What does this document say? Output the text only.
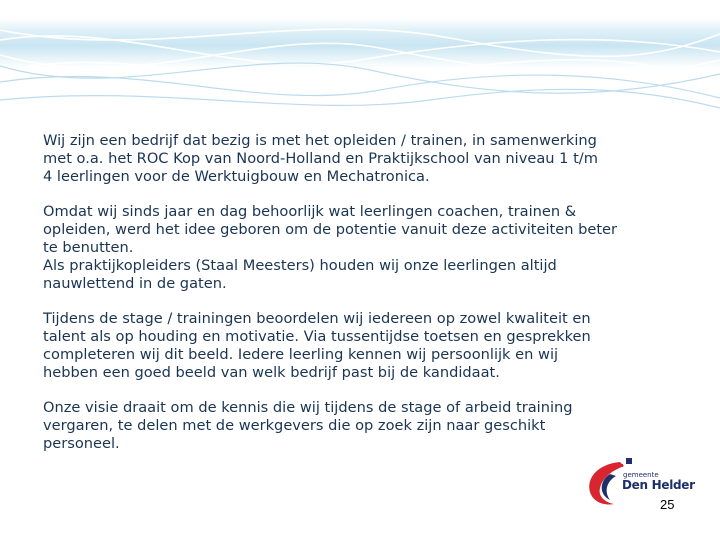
Wij zijn een bedrijf dat bezig is met het opleiden / trainen, in samenwerking
met o.a. het ROC Kop van Noord-Holland en Praktijkschool van niveau 1 t/m
4 leerlingen voor de Werktuigbouw en Mechatronica.

Omdat wij sinds jaar en dag behoorlijk wat leerlingen coachen, trainen &
opleiden, werd het idee geboren om de potentie vanuit deze activiteiten beter
te benutten.
Als praktijkopleiders (Staal Meesters) houden wij onze leerlingen altijd
nauwlettend in de gaten.

Tijdens de stage / trainingen beoordelen wij iedereen op zowel kwaliteit en
talent als op houding en motivatie. Via tussentijdse toetsen en gesprekken
completeren wij dit beeld. Iedere leerling kennen wij persoonlijk en wij
hebben een goed beeld van welk bedrijf past bij de kandidaat.

Onze visie draait om de kennis die wij tijdens de stage of arbeid training
vergaren, te delen met de werkgevers die op zoek zijn naar geschikt
personeel.

gemeente
Den Helder
25
